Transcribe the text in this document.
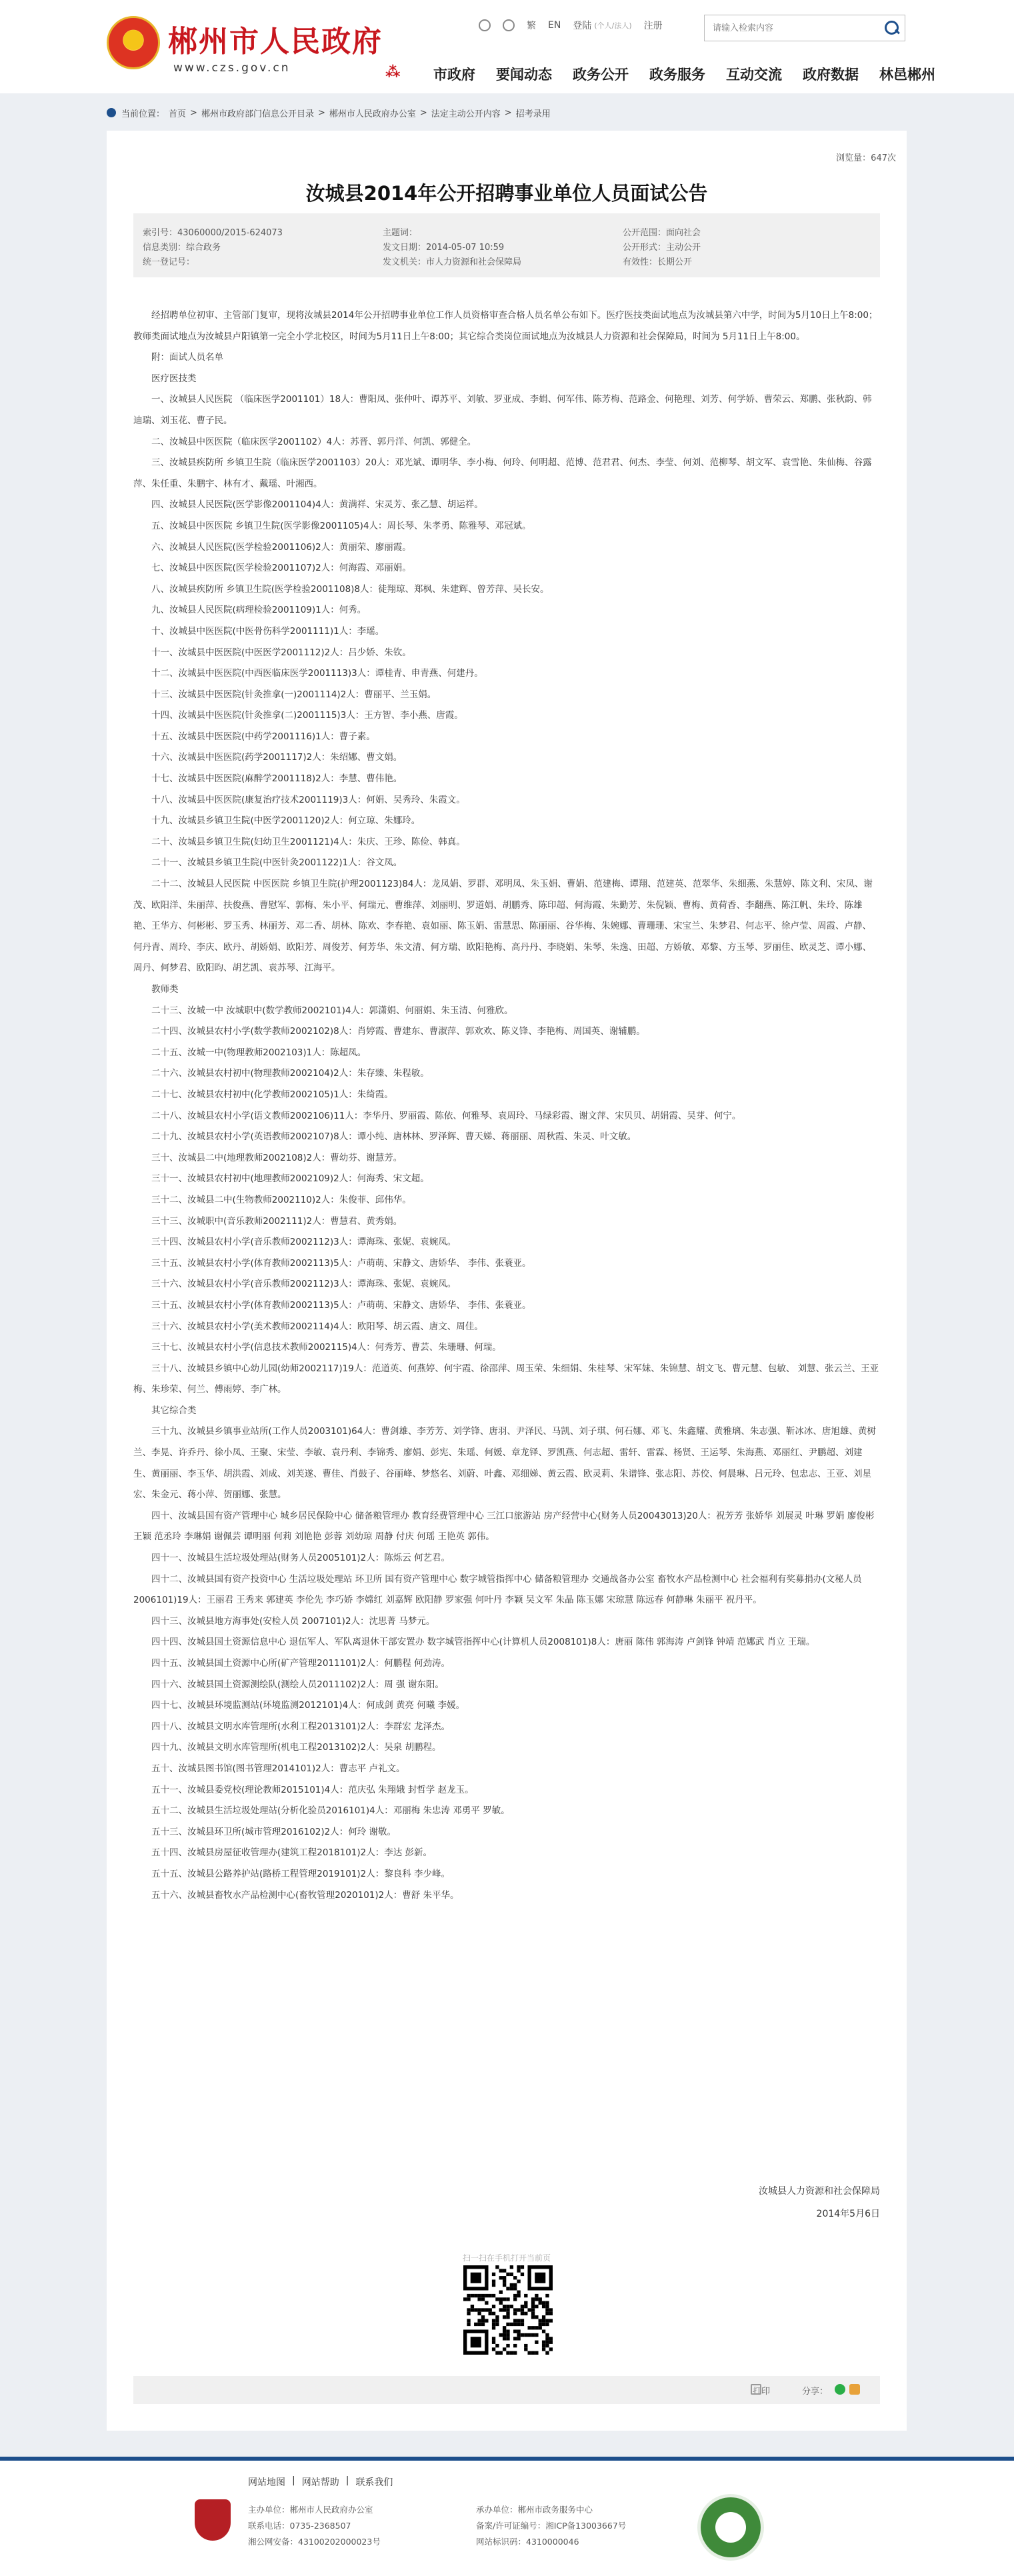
郴州市人民政府
www.czs.gov.cn
繁 EN 登陆 (个人/法人) 注册
请输入检索内容
⁂	市政府 要闻动态 政务公开 政务服务 互动交流 政府数据 林邑郴州
当前位置： 首页 > 郴州市政府部门信息公开目录 > 郴州市人民政府办公室 > 法定主动公开内容 > 招考录用
浏览量：647次
汝城县2014年公开招聘事业单位人员面试公告
索引号：43060000/2015-624073	主题词：	公开范围：面向社会
信息类别：综合政务	发文日期：2014-05-07 10:59	公开形式：主动公开
统一登记号：	发文机关：市人力资源和社会保障局	有效性：长期公开

经招聘单位初审、主管部门复审，现将汝城县2014年公开招聘事业单位工作人员资格审查合格人员名单公布如下。医疗医技类面试地点为汝城县第六中学，时间为5月10日上午8:00；教师类面试地点为汝城县卢阳镇第一完全小学北校区，时间为5月11日上午8:00；其它综合类岗位面试地点为汝城县人力资源和社会保障局，时间为 5月11日上午8:00。

附：面试人员名单

医疗医技类

一、汝城县人民医院 （临床医学2001101）18人：曹阳凤、张仲叶、谭苏平、刘敏、罗亚成、李娟、何军伟、陈芳梅、范路金、何艳理、刘芳、何学娇、曹荣云、郑鹏、张秋韵、韩迪瑞、刘玉花、曹子民。

二、汝城县中医医院（临床医学2001102）4人：苏晋、郭丹洋、何凯、郭健全。

三、汝城县疾防所 乡镇卫生院（临床医学2001103）20人：邓光斌、谭明华、李小梅、何玲、何明超、范博、范君君、何杰、李莹、何刘、范柳琴、胡文军、袁雪艳、朱仙梅、谷露萍、朱任重、朱鹏宇、林有才、戴瑶、叶湘西。

四、汝城县人民医院(医学影像2001104)4人：黄满祥、宋灵芳、张乙慧、胡运祥。

五、汝城县中医医院 乡镇卫生院(医学影像2001105)4人：周长琴、朱孝勇、陈雅琴、邓冠斌。

六、汝城县人民医院(医学检验2001106)2人：黄丽荣、廖丽霞。

七、汝城县中医医院(医学检验2001107)2人：何海霞、邓丽娟。

八、汝城县疾防所 乡镇卫生院(医学检验2001108)8人：徒翔琼、郑枫、朱建辉、曾芳萍、吴长安。

九、汝城县人民医院(病理检验2001109)1人：何秀。

十、汝城县中医医院(中医骨伤科学2001111)1人：李瑶。

十一、汝城县中医医院(中医医学2001112)2人：吕少娇、朱钦。

十二、汝城县中医医院(中西医临床医学2001113)3人：谭桂青、申青燕、何建丹。

十三、汝城县中医医院(针灸推拿(一)2001114)2人：曹丽平、兰玉娟。

十四、汝城县中医医院(针灸推拿(二)2001115)3人：王方智、李小燕、唐霞。

十五、汝城县中医医院(中药学2001116)1人：曹子素。

十六、汝城县中医医院(药学2001117)2人：朱绍娜、曹文娟。

十七、汝城县中医医院(麻醉学2001118)2人：李慧、曹伟艳。

十八、汝城县中医医院(康复治疗技术2001119)3人：何娟、吴秀玲、朱霞文。

十九、汝城县乡镇卫生院(中医学2001120)2人：何立琼、朱娜玲。

二十、汝城县乡镇卫生院(妇幼卫生2001121)4人：朱庆、王珍、陈俭、韩真。

二十一、汝城县乡镇卫生院(中医针灸2001122)1人：谷文凤。

二十二、汝城县人民医院 中医医院 乡镇卫生院(护理2001123)84人：龙凤娟、罗群、邓明凤、朱玉娟、曹娟、范建梅、谭翔、范建英、范翠华、朱细燕、朱慧婷、陈文利、宋凤、谢茂、欧阳洋、朱丽萍、扶俊燕、曹慰军、郭梅、朱小平、何瑞元、曹维萍、刘丽明、罗道娟、胡鹏秀、陈印超、何海霞、朱勤芳、朱倪颖、曹梅、黄荷香、李翻燕、陈江帆、朱玲、陈雄艳、王华方、何彬彬、罗玉秀、林丽芳、邓二香、胡林、陈欢、李春艳、袁如丽、陈玉娟、雷慧思、陈丽丽、谷华梅、朱婉娜、曹珊珊、宋宝兰、朱梦君、何志平、徐卢莹、周霞、卢静、何丹青、周玲、李庆、欧丹、胡娇娟、欧阳芳、周俊芳、何芳华、朱文清、何方瑞、欧阳艳梅、高丹丹、李晓娟、朱琴、朱逸、田超、方娇敏、邓黎、方玉琴、罗丽佳、欧灵芝、谭小娜、周丹、何梦君、欧阳昀、胡艺凯、袁苏琴、江海平。

教师类

二十三、汝城一中 汝城职中(数学教师2002101)4人：郭潇娟、何丽娟、朱玉清、何雅欣。

二十四、汝城县农村小学(数学教师2002102)8人：肖婷霞、曹建东、曹淑萍、郭欢欢、陈义锋、李艳梅、周国英、谢辅鹏。

二十五、汝城一中(物理教师2002103)1人：陈超凤。

二十六、汝城县农村初中(物理教师2002104)2人：朱存臻、朱程敏。

二十七、汝城县农村初中(化学教师2002105)1人：朱绮霞。

二十八、汝城县农村小学(语文教师2002106)11人：李华丹、罗丽霞、陈依、何雅琴、袁周玲、马绿彩霞、谢文萍、宋贝贝、胡娟霞、吴芽、何宁。

二十九、汝城县农村小学(英语教师2002107)8人：谭小纯、唐林林、罗泽辉、曹天娣、蒋丽丽、周秋霞、朱灵、叶文敏。

三十、汝城县二中(地理教师2002108)2人：曹幼芬、谢慧芳。

三十一、汝城县农村初中(地理教师2002109)2人：何海秀、宋文超。

三十二、汝城县二中(生物教师2002110)2人：朱俊菲、邱伟华。

三十三、汝城职中(音乐教师2002111)2人：曹慧君、黄秀娟。

三十四、汝城县农村小学(音乐教师2002112)3人：谭海珠、张妮、袁婉凤。

三十五、汝城县农村小学(体育教师2002113)5人：卢萌萌、宋静文、唐娇华、 李伟、张蓑亚。

三十六、汝城县农村小学(音乐教师2002112)3人：谭海珠、张妮、袁婉凤。

三十五、汝城县农村小学(体育教师2002113)5人：卢萌萌、宋静文、唐娇华、 李伟、张蓑亚。

三十六、汝城县农村小学(美术教师2002114)4人：欧阳琴、胡云霞、唐文、周佳。

三十七、汝城县农村小学(信息技术教师2002115)4人：何秀芳、曹芸、朱珊珊、何瑞。

三十八、汝城县乡镇中心幼儿园(幼师2002117)19人：范道英、何燕婷、何宇霞、徐邵萍、周玉荣、朱细娟、朱桂琴、宋军妹、朱锦慧、胡文飞、曹元慧、包敏、 刘慧、张云兰、王亚梅、朱珍荣、何兰、傅雨婷、李广林。

其它综合类

三十九、汝城县乡镇事业站所(工作人员2003101)64人：曹剑雄、李芳芳、刘学锋、唐羽、尹泽民、马凯、刘子琪、何石娜、邓飞、朱鑫耀、黄雅璃、朱志强、靳冰冰、唐旭雄、黄树兰、李晃、许乔丹、徐小凤、王聚、宋莹、李敏、袁丹利、李锦秀、廖娟、彭宪、朱瑶、何媛、章龙铎、罗凯燕、何志超、雷轩、雷霖、杨贤、王运琴、朱海燕、邓丽红、尹鹏超、刘建生、黄丽丽、李玉华、胡洪霞、刘成、刘芙遂、曹佳、肖鼓子、谷丽峰、梦悠名、刘蔚、叶鑫、邓细娣、黄云霞、欧灵莉、朱谱锋、张志阳、苏佼、何晨琳、吕元玲、包忠志、王亚、刘星宏、朱金元、蒋小萍、贺丽娜、张慧。

四十、汝城县国有资产管理中心 城乡居民保险中心 储备粮管理办 教育经费管理中心 三江口旅游站 房产经营中心(财务人员20043013)20人：祝芳芳 张娇华 刘展灵 叶琳 罗娟 廖俊彬 王颖 范丞玲 李琳娟 谢佩芸 谭明丽 何莉 刘艳艳 彭蓉 刘幼琼 周静 付庆 何瑶 王艳英 郭伟。

四十一、汝城县生活垃圾处理站(财务人员2005101)2人：陈烁云 何艺君。

四十二、汝城县国有资产投资中心 生活垃圾处理站 环卫所 国有资产管理中心 数字城管指挥中心 储备粮管理办 交通战备办公室 畜牧水产品检测中心 社会福利有奖募捐办(文秘人员2006101)19人：王丽君 王秀来 郭建英 李伦先 李巧娇 李嫦红 刘嘉辉 欧阳静 罗家强 何叶丹 李颖 吴文军 朱晶 陈玉娜 宋琼慧 陈远春 何静琳 朱丽平 祝丹平。

四十三、汝城县地方海事处(安检人员 2007101)2人：沈思菁 马梦元。

四十四、汝城县国土资源信息中心 退伍军人、军队离退休干部安置办 数字城管指挥中心(计算机人员2008101)8人：唐丽 陈伟 郭海涛 卢剑锋 钟靖 范娜武 肖立 王瑞。

四十五、汝城县国土资源中心所(矿产管理2011101)2人：何鹏程 何劲涛。

四十六、汝城县国土资源测绘队(测绘人员2011102)2人：周 强 谢东阳。

四十七、汝城县环境监测站(环境监测2012101)4人：何成剑 黄亮 何曦 李媛。

四十八、汝城县文明水库管理所(水利工程2013101)2人：李群宏 龙泽杰。

四十九、汝城县文明水库管理所(机电工程2013102)2人：吴泉 胡鹏程。

五十、汝城县图书馆(图书管理2014101)2人：曹志平 卢礼文。

五十一、汝城县委党校(理论教师2015101)4人：范庆弘 朱翔娥 封哲学 赵龙玉。

五十二、汝城县生活垃圾处理站(分析化验员2016101)4人：邓丽梅 朱忠涛 邓勇平 罗敏。

五十三、汝城县环卫所(城市管理2016102)2人：何玲 谢敬。

五十四、汝城县房屋征收管理办(建筑工程2018101)2人：李达 彭新。

五十五、汝城县公路养护站(路桥工程管理2019101)2人：黎良科 李少峰。

五十六、汝城县畜牧水产品检测中心(畜牧管理2020101)2人：曹舒 朱平华。

汝城县人力资源和社会保障局
2014年5月6日
扫一扫在手机打开当前页
打印	分享：
网站地图 | 网站帮助 | 联系我们
主办单位：郴州市人民政府办公室
联系电话：0735-2368507
湘公网安备：43100202000023号
承办单位：郴州市政务服务中心
备案/许可证编号：湘ICP备13003667号
网站标识码：4310000046
